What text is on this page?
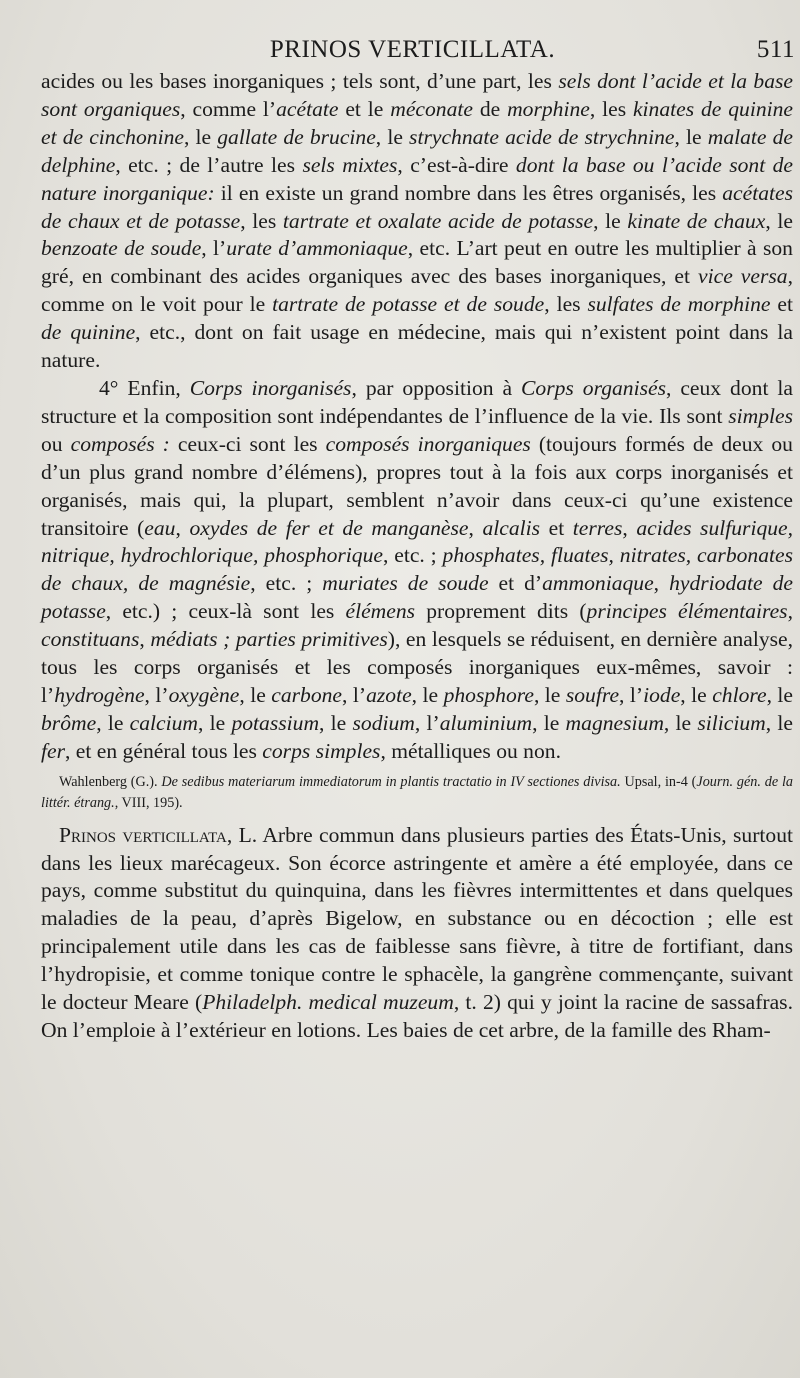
PRINOS VERTICILLATA.	511

acides ou les bases inorganiques ; tels sont, d’une part, les sels dont l’acide et la base sont organiques, comme l’acétate et le méconate de morphine, les kinates de quinine et de cinchonine, le gallate de brucine, le strychnate acide de strychnine, le malate de delphine, etc. ; de l’autre les sels mixtes, c’est-à-dire dont la base ou l’acide sont de nature inorganique: il en existe un grand nombre dans les êtres organisés, les acétates de chaux et de potasse, les tartrate et oxalate acide de potasse, le kinate de chaux, le benzoate de soude, l’urate d’ammoniaque, etc. L’art peut en outre les multiplier à son gré, en combinant des acides organiques avec des bases inorganiques, et vice versa, comme on le voit pour le tartrate de potasse et de soude, les sulfates de morphine et de quinine, etc., dont on fait usage en médecine, mais qui n’existent point dans la nature.

4° Enfin, Corps inorganisés, par opposition à Corps organisés, ceux dont la structure et la composition sont indépendantes de l’influence de la vie. Ils sont simples ou composés : ceux-ci sont les composés inorganiques (toujours formés de deux ou d’un plus grand nombre d’élémens), propres tout à la fois aux corps inorganisés et organisés, mais qui, la plupart, semblent n’avoir dans ceux-ci qu’une existence transitoire (eau, oxydes de fer et de manganèse, alcalis et terres, acides sulfurique, nitrique, hydrochlorique, phosphorique, etc. ; phosphates, fluates, nitrates, carbonates de chaux, de magnésie, etc. ; muriates de soude et d’ammoniaque, hydriodate de potasse, etc.) ; ceux-là sont les élémens proprement dits (principes élémentaires, constituans, médiats ; parties primitives), en lesquels se réduisent, en dernière analyse, tous les corps organisés et les composés inorganiques eux-mêmes, savoir : l’hydrogène, l’oxygène, le carbone, l’azote, le phosphore, le soufre, l’iode, le chlore, le brôme, le calcium, le potassium, le sodium, l’aluminium, le magnesium, le silicium, le fer, et en général tous les corps simples, métalliques ou non.

Wahlenberg (G.). De sedibus materiarum immediatorum in plantis tractatio in IV sectiones divisa. Upsal, in-4 (Journ. gén. de la littér. étrang., VIII, 195).

Prinos verticillata, L. Arbre commun dans plusieurs parties des États-Unis, surtout dans les lieux marécageux. Son écorce astringente et amère a été employée, dans ce pays, comme substitut du quinquina, dans les fièvres intermittentes et dans quelques maladies de la peau, d’après Bigelow, en substance ou en décoction ; elle est principalement utile dans les cas de faiblesse sans fièvre, à titre de fortifiant, dans l’hydropisie, et comme tonique contre le sphacèle, la gangrène commençante, suivant le docteur Meare (Philadelph. medical muzeum, t. 2) qui y joint la racine de sassafras. On l’emploie à l’extérieur en lotions. Les baies de cet arbre, de la famille des Rham-
